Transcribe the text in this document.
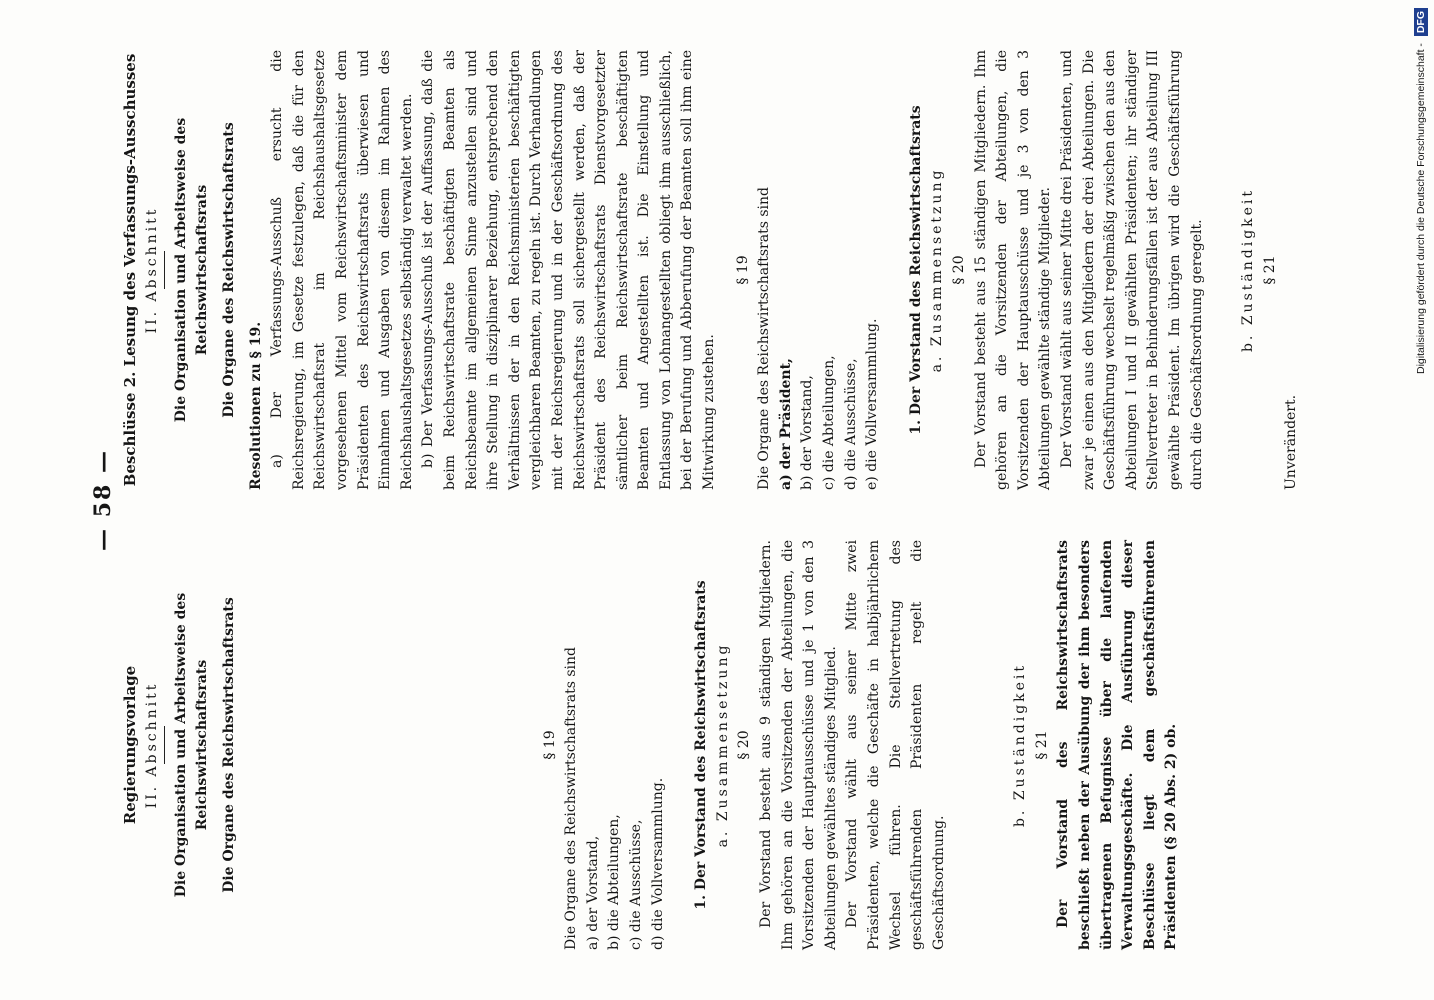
— 58 —
Regierungsvorlage II. Abschnitt Die Organisation und Arbeitsweise des Reichswirtschaftsrats Die Organe des Reichswirtschaftsrats	§ 19 Die Organe des Reichswirtschaftsrats sind a) der Vorstand, b) die Abteilungen, c) die Ausschüsse, d) die Vollversammlung. 1. Der Vorstand des Reichswirtschaftsrats a. Zusammensetzung § 20 Der Vorstand besteht aus 9 ständigen Mitgliedern. Ihm gehören an die Vorsitzenden der Abteilungen, die Vorsitzenden der Hauptausschüsse und je 1 von den 3 Abteilungen gewähltes ständiges Mitglied. Der Vorstand wählt aus seiner Mitte zwei Präsidenten, welche die Geschäfte in halbjährlichem Wechsel führen. Die Stellvertretung des geschäftsführenden Präsidenten regelt die Geschäftsordnung.

b. Zuständigkeit § 21 Der Vorstand des Reichswirtschaftsrats beschließt neben der Ausübung der ihm besonders übertragenen Befugnisse über die laufenden Verwaltungsgeschäfte. Die Ausführung dieser Beschlüsse liegt dem geschäftsführenden Präsidenten (§ 20 Abs. 2) ob.

Beschlüsse 2. Lesung des Verfassungs-Ausschusses II. Abschnitt Die Organisation und Arbeitsweise des Reichswirtschaftsrats Die Organe des Reichswirtschaftsrats Resolutionen zu § 19. a) Der Verfassungs-Ausschuß ersucht die Reichsregierung, im Gesetze festzulegen, daß die für den Reichswirtschaftsrat im Reichshaushaltsgesetze vorgesehenen Mittel vom Reichswirtschaftsminister dem Präsidenten des Reichswirtschaftsrats überwiesen und Einnahmen und Ausgaben von diesem im Rahmen des Reichshaushaltsgesetzes selbständig verwaltet werden. b) Der Verfassungs-Ausschuß ist der Auffassung, daß die beim Reichswirtschaftsrate beschäftigten Beamten als Reichsbeamte im allgemeinen Sinne anzustellen sind und ihre Stellung in disziplinarer Beziehung, entsprechend den Verhältnissen der in den Reichsministerien beschäftigten vergleichbaren Beamten, zu regeln ist. Durch Verhandlungen mit der Reichsregierung und in der Geschäftsordnung des Reichswirtschaftsrats soll sichergestellt werden, daß der Präsident des Reichswirtschaftsrats Dienstvorgesetzter sämtlicher beim Reichswirtschaftsrate beschäftigten Beamten und Angestellten ist. Die Einstellung und Entlassung von Lohnangestellten obliegt ihm ausschließlich, bei der Berufung und Abberufung der Beamten soll ihm eine Mitwirkung zustehen.

§ 19 Die Organe des Reichswirtschaftsrats sind a) der Präsident, b) der Vorstand, c) die Abteilungen, d) die Ausschüsse, e) die Vollversammlung. 1. Der Vorstand des Reichswirtschaftsrats a. Zusammensetzung § 20 Der Vorstand besteht aus 15 ständigen Mitgliedern. Ihm gehören an die Vorsitzenden der Abteilungen, die Vorsitzenden der Hauptausschüsse und je 3 von den 3 Abteilungen gewählte ständige Mitglieder. Der Vorstand wählt aus seiner Mitte drei Präsidenten, und zwar je einen aus den Mitgliedern der drei Abteilungen. Die Geschäftsführung wechselt regelmäßig zwischen den aus den Abteilungen I und II gewählten Präsidenten; ihr ständiger Stellvertreter in Behinderungsfällen ist der aus Abteilung III gewählte Präsident. Im übrigen wird die Geschäftsführung durch die Geschäftsordnung geregelt.	b. Zuständigkeit § 21

Unverändert.

Digitalisierung gefördert durch die Deutsche Forschungsgemeinschaft - DFG
